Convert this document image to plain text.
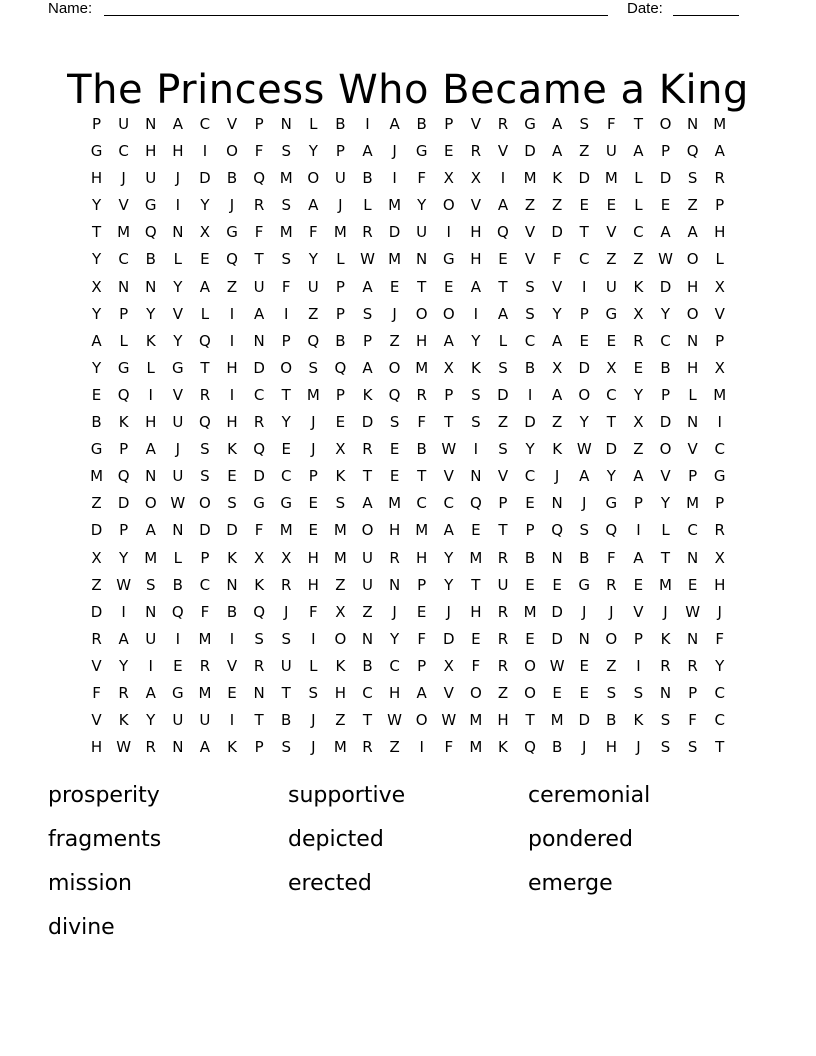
Name:	Date:
The Princess Who Became a King
P	U	N	A	C	V	P	N	L	B	I	A	B	P	V	R	G	A	S	F	T	O	N	M
G	C	H	H	I	O	F	S	Y	P	A	J	G	E	R	V	D	A	Z	U	A	P	Q	A
H	J	U	J	D	B	Q M O	U	B	I	F	X	X	I	M	K	D M	L	D	S	R
Y	V	G	I	Y	J	R	S	A	J	L	M	Y	O	V	A	Z	Z	E	E	L	E	Z	P
T	M Q	N	X	G	F	M	F	M	R	D	U	I	H	Q	V	D	T	V	C	A	A	H
Y	C	B	L	E	Q	T	S	Y	L	W M	N	G	H	E	V	F	C	Z	Z W O	L
X	N	N	Y	A	Z	U	F	U	P	A	E	T	E	A	T	S	V	I	U	K	D	H	X
Y	P	Y	V	L	I	A	I	Z	P	S	J	O	O	I	A	S	Y	P	G	X	Y	O	V
A	L	K	Y	Q	I	N	P	Q	B	P	Z	H	A	Y	L	C	A	E	E	R	C	N	P
Y	G	L	G	T	H	D	O	S	Q	A	O M	X	K	S	B	X	D	X	E	B	H	X
E	Q	I	V	R	I	C	T	M	P	K	Q	R	P	S	D	I	A	O	C	Y	P	L	M
B	K	H	U	Q	H	R	Y	J	E	D	S	F	T	S	Z	D	Z	Y	T	X	D	N	I
G	P	A	J	S	K	Q	E	J	X	R	E	B W	I	S	Y	K W D	Z	O	V	C
M Q	N	U	S	E	D	C	P	K	T	E	T	V	N	V	C	J	A	Y	A	V	P	G
Z	D	O W O	S	G	G	E	S	A	M	C	C	Q	P	E	N	J	G	P	Y	M	P
D	P	A	N	D	D	F	M	E	M O	H M	A	E	T	P	Q	S	Q	I	L	C	R
X	Y	M	L	P	K	X	X	H M	U	R	H	Y	M	R	B	N	B	F	A	T	N	X
Z W S	B	C	N	K	R	H	Z	U	N	P	Y	T	U	E	E	G	R	E	M	E	H
D	I	N	Q	F	B	Q	J	F	X	Z	J	E	J	H	R	M D	J	J	V	J	W	J
R	A	U	I	M	I	S	S	I	O	N	Y	F	D	E	R	E	D	N	O	P	K	N	F
V	Y	I	E	R	V	R	U	L	K	B	C	P	X	F	R	O W E	Z	I	R	R	Y
F	R	A	G M	E	N	T	S	H	C	H	A	V	O	Z	O	E	E	S	S	N	P	C
V	K	Y	U	U	I	T	B	J	Z	T	W O W M H	T	M D	B	K	S	F	C
H W R	N	A	K	P	S	J	M	R	Z	I	F	M	K	Q	B	J	H	J	S	S	T
prosperity	supportive	ceremonial
fragments	depicted	pondered
mission	erected	emerge
divine
